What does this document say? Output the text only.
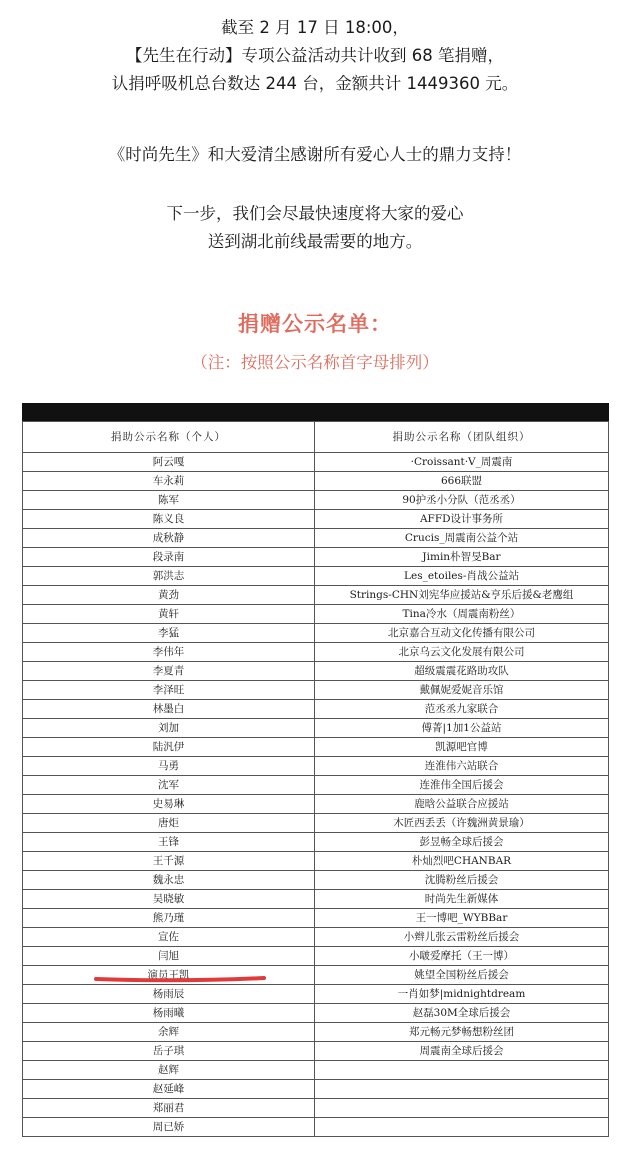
截至 2 月 17 日 18:00，

【先生在行动】专项公益活动共计收到 68 笔捐赠，

认捐呼吸机总台数达 244 台，金额共计 1449360 元。

《时尚先生》和大爱清尘感谢所有爱心人士的鼎力支持！

下一步，我们会尽最快速度将大家的爱心

送到湖北前线最需要的地方。

捐赠公示名单：
（注：按照公示名称首字母排列）
捐助公示名称（个人）	捐助公示名称（团队组织）
阿云嘎	·Croissant·V_周震南
车永莉	666联盟
陈军	90护丞小分队（范丞丞）
陈义良	AFFD设计事务所
成秋静	Crucis_周震南公益个站
段录南	Jimin朴智旻Bar
郭洪志	Les_etoiles-肖战公益站
黄劲	Strings-CHN刘宪华应援站&亨乐后援&老鹰组
黄轩	Tina冷水（周震南粉丝）
李猛	北京嘉合互动文化传播有限公司
李伟年	北京乌云文化发展有限公司
李夏青	超级震震花路助攻队
李泽旺	戴佩妮爱妮音乐馆
林墨白	范丞丞九家联合
刘加	傅菁|1加1公益站
陆汎伊	凯源吧官博
马勇	连淮伟六站联合
沈军	连淮伟全国后援会
史易琳	鹿晗公益联合应援站
唐炬	木匠西丢丢（许魏洲黄景瑜）
王锋	彭昱畅全球后援会
王千源	朴灿烈吧CHANBAR
魏永忠	沈腾粉丝后援会
吴晓敏	时尚先生新媒体
熊乃瑾	王一博吧_WYBBar
宣佐	小辫儿张云雷粉丝后援会
闫旭	小啵爱摩托（王一博）
演员王凯	姚望全国粉丝后援会
杨雨辰	一肖如梦|midnightdream
杨雨曦	赵磊30M全球后援会
余辉	郑元畅元梦畅想粉丝团
岳子琪	周震南全球后援会
赵辉	
赵延峰	
郑丽君	
周已娇	
